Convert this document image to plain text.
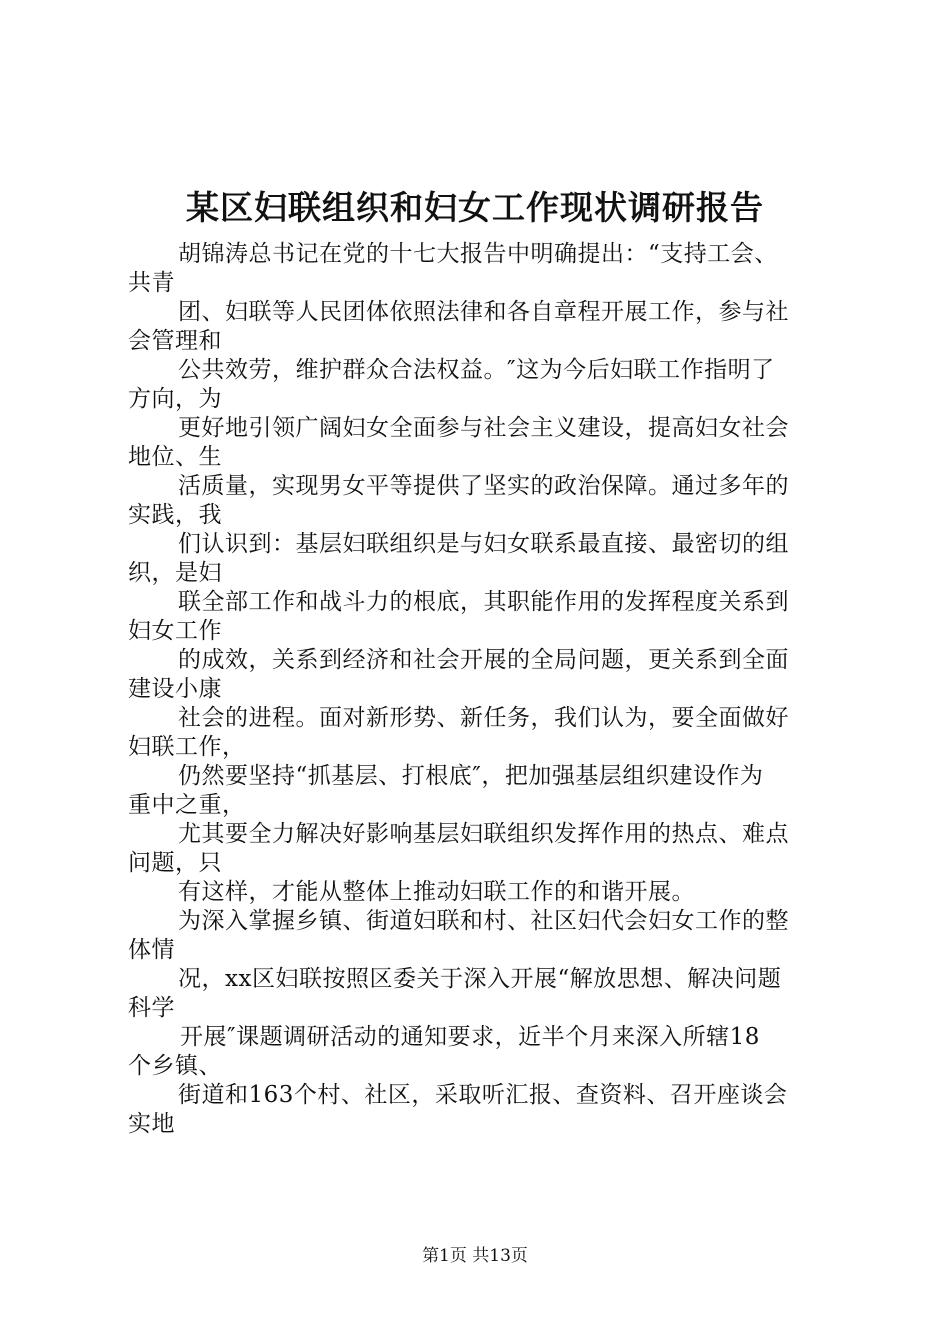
某区妇联组织和妇女工作现状调研报告
胡锦涛总书记在党的十七大报告中明确提出：“支持工会、
共青
团、妇联等人民团体依照法律和各自章程开展工作，参与社
会管理和
公共效劳，维护群众合法权益。″这为今后妇联工作指明了
方向，为
更好地引领广阔妇女全面参与社会主义建设，提高妇女社会
地位、生
活质量，实现男女平等提供了坚实的政治保障。通过多年的
实践，我
们认识到：基层妇联组织是与妇女联系最直接、最密切的组
织，是妇
联全部工作和战斗力的根底，其职能作用的发挥程度关系到
妇女工作
的成效，关系到经济和社会开展的全局问题，更关系到全面
建设小康
社会的进程。面对新形势、新任务，我们认为，要全面做好
妇联工作，
仍然要坚持“抓基层、打根底″，把加强基层组织建设作为
重中之重，
尤其要全力解决好影响基层妇联组织发挥作用的热点、难点
问题，只
有这样，才能从整体上推动妇联工作的和谐开展。
为深入掌握乡镇、街道妇联和村、社区妇代会妇女工作的整
体情
况，xx区妇联按照区委关于深入开展“解放思想、解决问题
科学
开展″课题调研活动的通知要求，近半个月来深入所辖18
个乡镇、
街道和163个村、社区，采取听汇报、查资料、召开座谈会
实地
第1页 共13页
